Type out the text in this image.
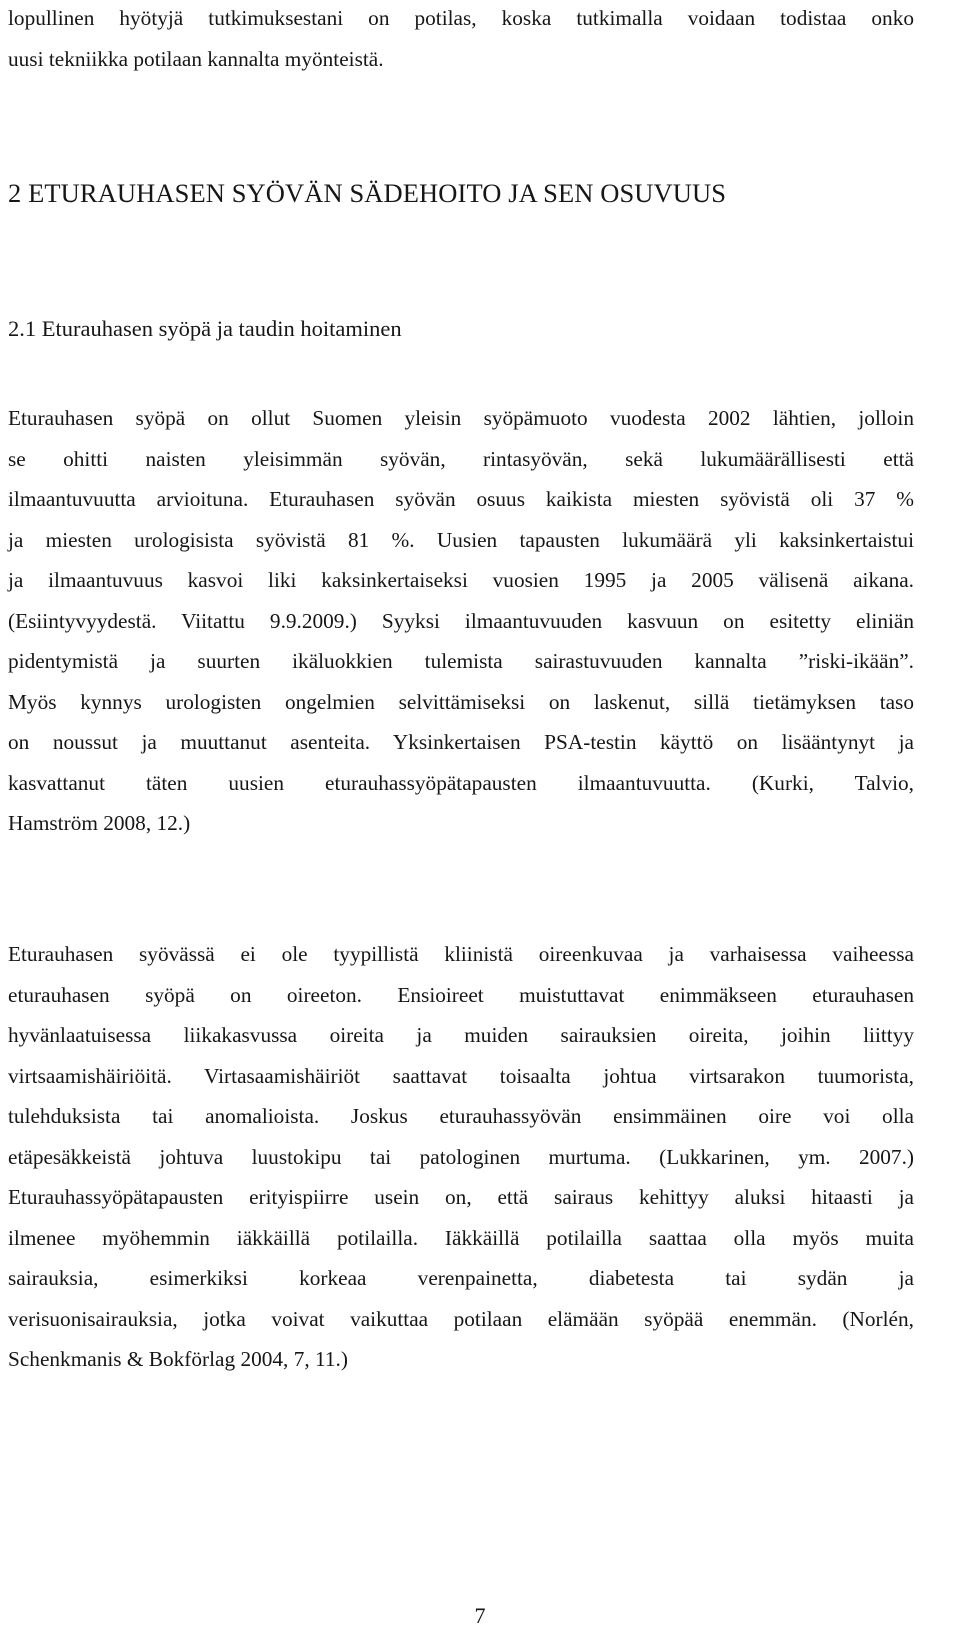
lopullinen hyötyjä tutkimuksestani on potilas, koska tutkimalla voidaan todistaa onko
uusi tekniikka potilaan kannalta myönteistä.

2 ETURAUHASEN SYÖVÄN SÄDEHOITO JA SEN OSUVUUS
2.1 Eturauhasen syöpä ja taudin hoitaminen

Eturauhasen syöpä on ollut Suomen yleisin syöpämuoto vuodesta 2002 lähtien, jolloin
se ohitti naisten yleisimmän syövän, rintasyövän, sekä lukumäärällisesti että
ilmaantuvuutta arvioituna. Eturauhasen syövän osuus kaikista miesten syövistä oli 37 %
ja miesten urologisista syövistä 81 %. Uusien tapausten lukumäärä yli kaksinkertaistui
ja ilmaantuvuus kasvoi liki kaksinkertaiseksi vuosien 1995 ja 2005 välisenä aikana.
(Esiintyvyydestä. Viitattu 9.9.2009.) Syyksi ilmaantuvuuden kasvuun on esitetty eliniän
pidentymistä ja suurten ikäluokkien tulemista sairastuvuuden kannalta ”riski-ikään”.
Myös kynnys urologisten ongelmien selvittämiseksi on laskenut, sillä tietämyksen taso
on noussut ja muuttanut asenteita. Yksinkertaisen PSA-testin käyttö on lisääntynyt ja
kasvattanut täten uusien eturauhassyöpätapausten ilmaantuvuutta. (Kurki, Talvio,
Hamström 2008, 12.)

Eturauhasen syövässä ei ole tyypillistä kliinistä oireenkuvaa ja varhaisessa vaiheessa
eturauhasen syöpä on oireeton. Ensioireet muistuttavat enimmäkseen eturauhasen
hyvänlaatuisessa liikakasvussa oireita ja muiden sairauksien oireita, joihin liittyy
virtsaamishäiriöitä. Virtasaamishäiriöt saattavat toisaalta johtua virtsarakon tuumorista,
tulehduksista tai anomalioista. Joskus eturauhassyövän ensimmäinen oire voi olla
etäpesäkkeistä johtuva luustokipu tai patologinen murtuma. (Lukkarinen, ym. 2007.)
Eturauhassyöpätapausten erityispiirre usein on, että sairaus kehittyy aluksi hitaasti ja
ilmenee myöhemmin iäkkäillä potilailla. Iäkkäillä potilailla saattaa olla myös muita
sairauksia, esimerkiksi korkeaa verenpainetta, diabetesta tai sydän ja
verisuonisairauksia, jotka voivat vaikuttaa potilaan elämään syöpää enemmän. (Norlén,
Schenkmanis & Bokförlag 2004, 7, 11.)

7
